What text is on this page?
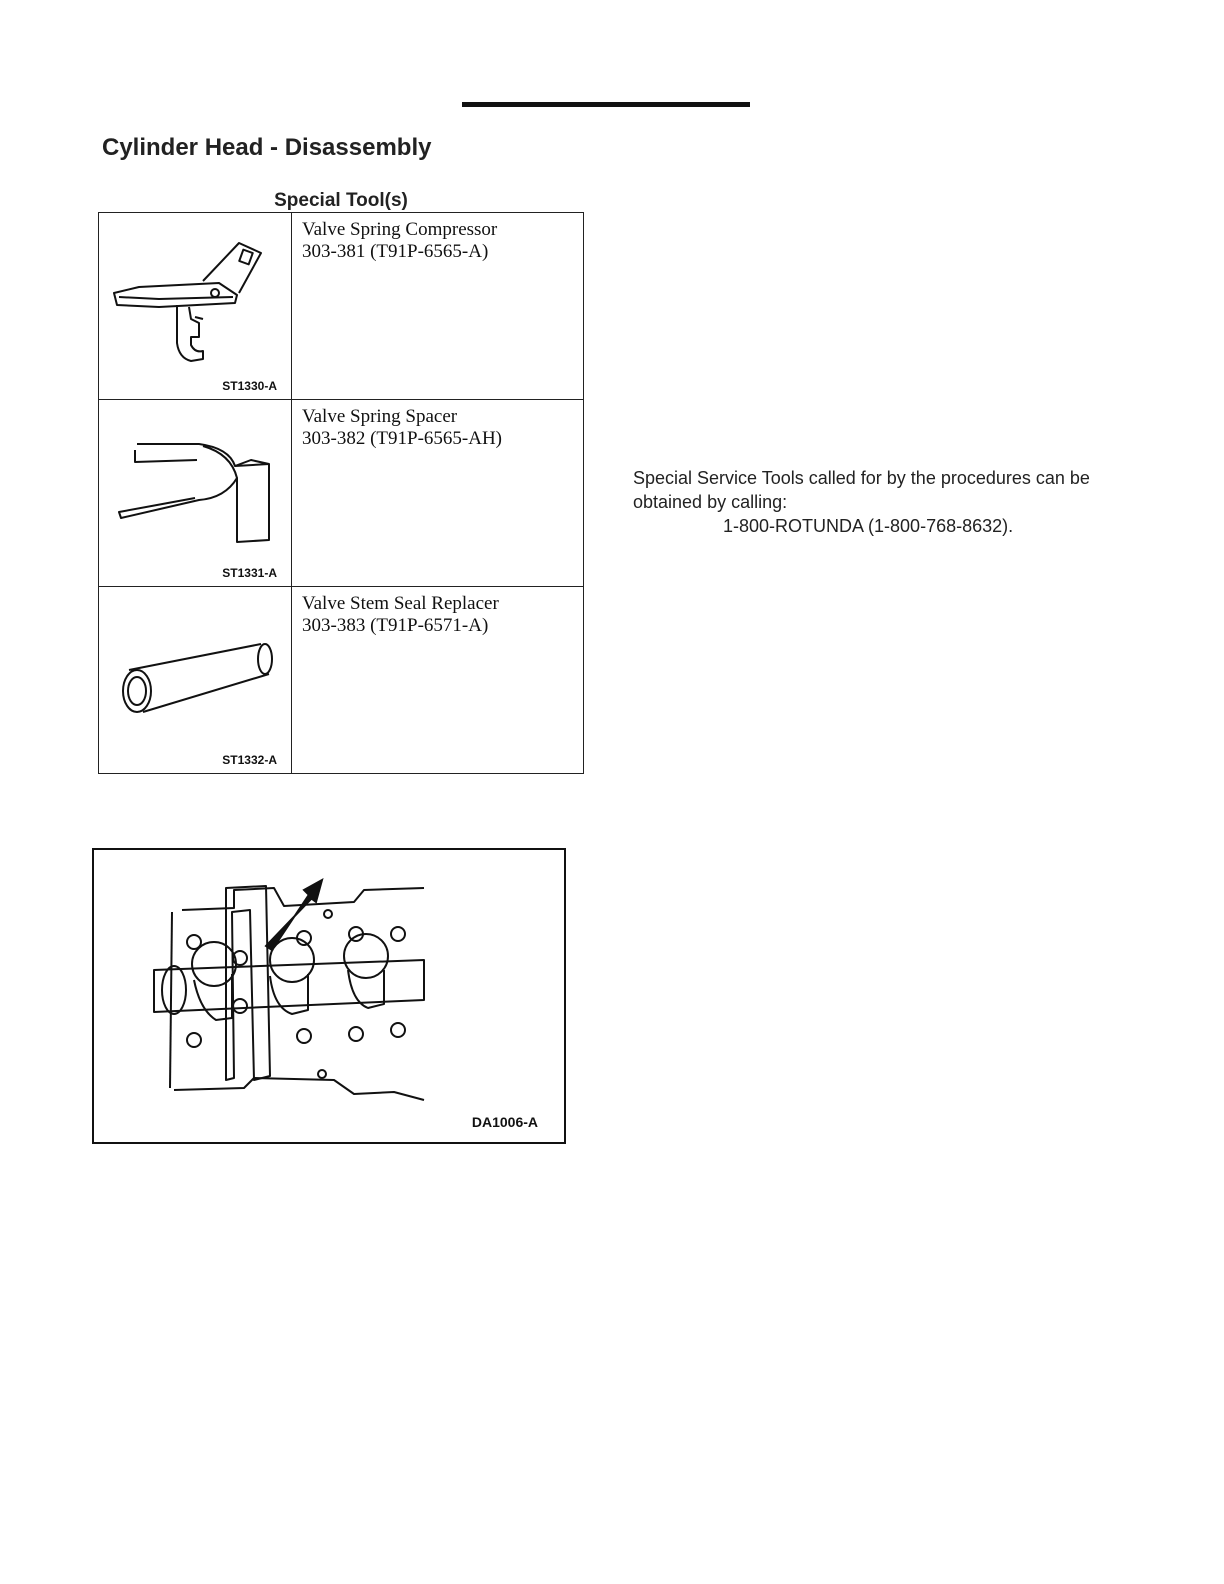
Cylinder Head - Disassembly
Special Tool(s)
ST1330-A	Valve Spring Compressor
303-381 (T91P-6565-A)

ST1331-A	Valve Spring Spacer
303-382 (T91P-6565-AH)

ST1332-A	Valve Stem Seal Replacer
303-383 (T91P-6571-A)

Special Service Tools called for by the procedures can be obtained by calling:

1-800-ROTUNDA (1-800-768-8632).

DA1006-A
